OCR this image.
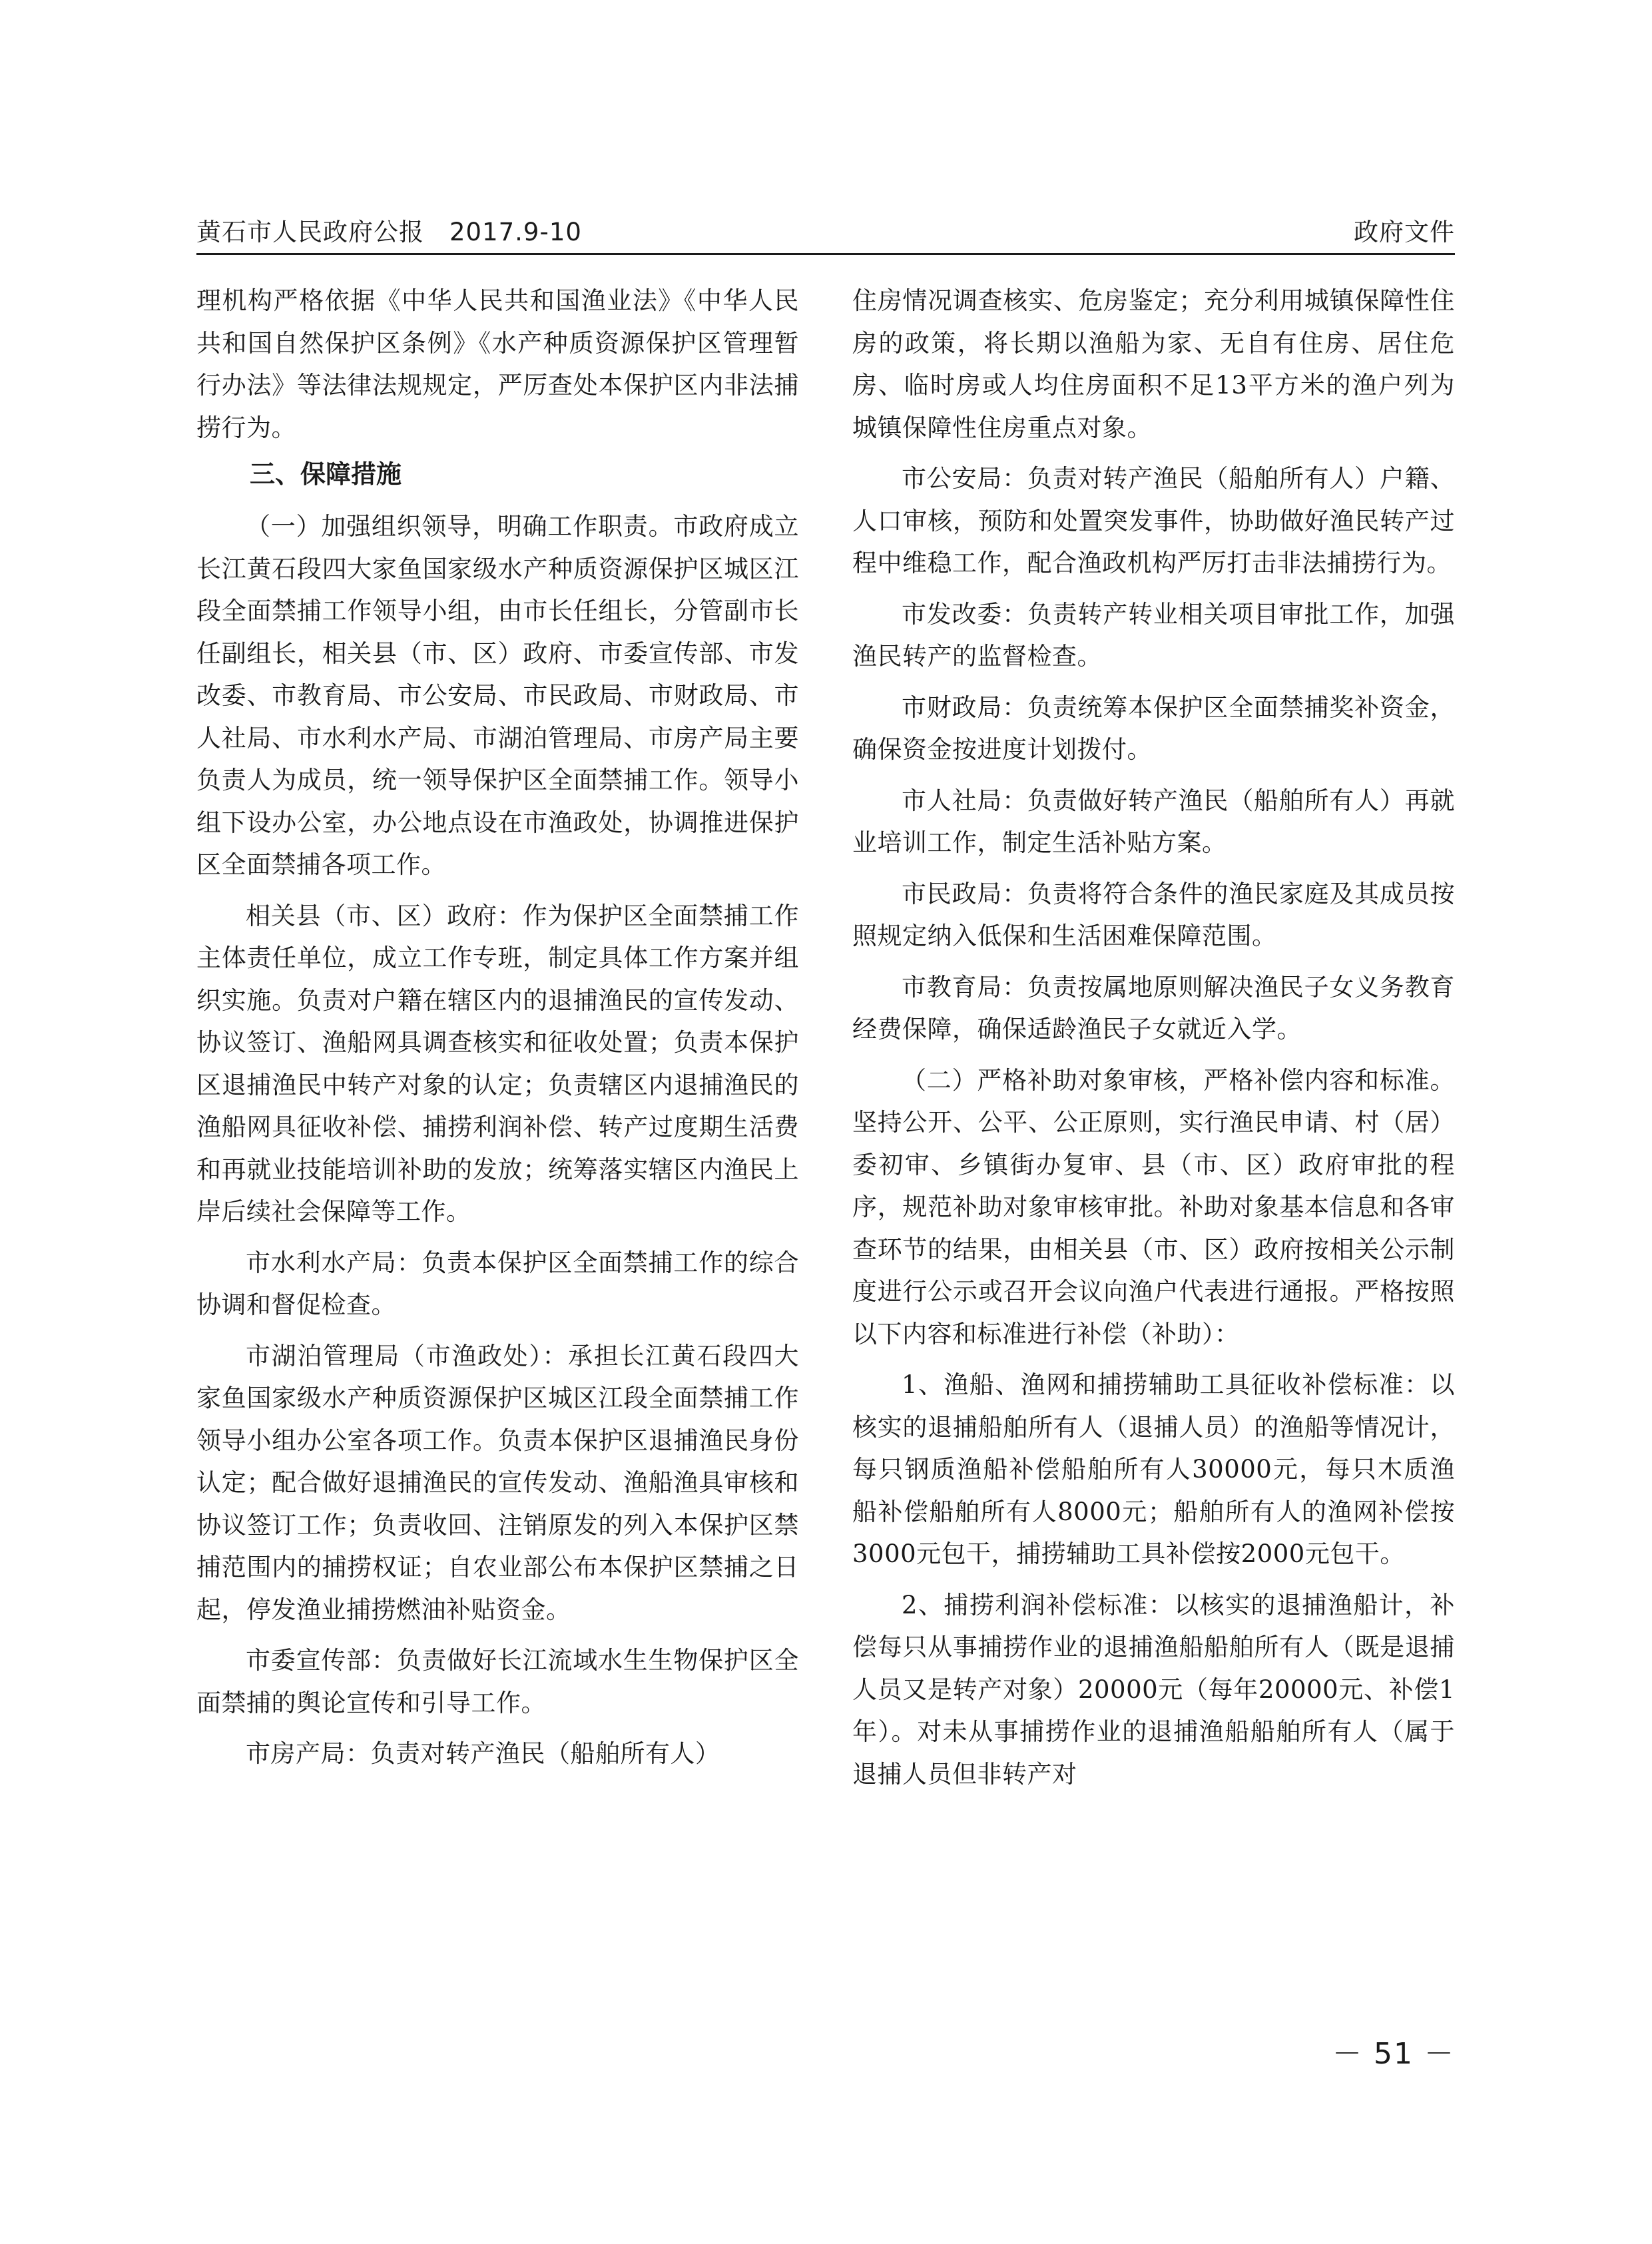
黄石市人民政府公报　2017.9-10	政府文件

理机构严格依据《中华人民共和国渔业法》《中华人民共和国自然保护区条例》《水产种质资源保护区管理暂行办法》等法律法规规定，严厉查处本保护区内非法捕捞行为。

三、保障措施

（一）加强组织领导，明确工作职责。市政府成立长江黄石段四大家鱼国家级水产种质资源保护区城区江段全面禁捕工作领导小组，由市长任组长，分管副市长任副组长，相关县（市、区）政府、市委宣传部、市发改委、市教育局、市公安局、市民政局、市财政局、市人社局、市水利水产局、市湖泊管理局、市房产局主要负责人为成员，统一领导保护区全面禁捕工作。领导小组下设办公室，办公地点设在市渔政处，协调推进保护区全面禁捕各项工作。

相关县（市、区）政府：作为保护区全面禁捕工作主体责任单位，成立工作专班，制定具体工作方案并组织实施。负责对户籍在辖区内的退捕渔民的宣传发动、协议签订、渔船网具调查核实和征收处置；负责本保护区退捕渔民中转产对象的认定；负责辖区内退捕渔民的渔船网具征收补偿、捕捞利润补偿、转产过度期生活费和再就业技能培训补助的发放；统筹落实辖区内渔民上岸后续社会保障等工作。

市水利水产局：负责本保护区全面禁捕工作的综合协调和督促检查。

市湖泊管理局（市渔政处）：承担长江黄石段四大家鱼国家级水产种质资源保护区城区江段全面禁捕工作领导小组办公室各项工作。负责本保护区退捕渔民身份认定；配合做好退捕渔民的宣传发动、渔船渔具审核和协议签订工作；负责收回、注销原发的列入本保护区禁捕范围内的捕捞权证；自农业部公布本保护区禁捕之日起，停发渔业捕捞燃油补贴资金。

市委宣传部：负责做好长江流域水生生物保护区全面禁捕的舆论宣传和引导工作。

市房产局：负责对转产渔民（船舶所有人）

住房情况调查核实、危房鉴定；充分利用城镇保障性住房的政策，将长期以渔船为家、无自有住房、居住危房、临时房或人均住房面积不足13平方米的渔户列为城镇保障性住房重点对象。

市公安局：负责对转产渔民（船舶所有人）户籍、人口审核，预防和处置突发事件，协助做好渔民转产过程中维稳工作，配合渔政机构严厉打击非法捕捞行为。

市发改委：负责转产转业相关项目审批工作，加强渔民转产的监督检查。

市财政局：负责统筹本保护区全面禁捕奖补资金，确保资金按进度计划拨付。

市人社局：负责做好转产渔民（船舶所有人）再就业培训工作，制定生活补贴方案。

市民政局：负责将符合条件的渔民家庭及其成员按照规定纳入低保和生活困难保障范围。

市教育局：负责按属地原则解决渔民子女义务教育经费保障，确保适龄渔民子女就近入学。

（二）严格补助对象审核，严格补偿内容和标准。坚持公开、公平、公正原则，实行渔民申请、村（居）委初审、乡镇街办复审、县（市、区）政府审批的程序，规范补助对象审核审批。补助对象基本信息和各审查环节的结果，由相关县（市、区）政府按相关公示制度进行公示或召开会议向渔户代表进行通报。严格按照以下内容和标准进行补偿（补助）：

1、渔船、渔网和捕捞辅助工具征收补偿标准：以核实的退捕船舶所有人（退捕人员）的渔船等情况计，每只钢质渔船补偿船舶所有人30000元，每只木质渔船补偿船舶所有人8000元；船舶所有人的渔网补偿按3000元包干，捕捞辅助工具补偿按2000元包干。

2、捕捞利润补偿标准：以核实的退捕渔船计，补偿每只从事捕捞作业的退捕渔船船舶所有人（既是退捕人员又是转产对象）20000元（每年20000元、补偿1年）。对未从事捕捞作业的退捕渔船船舶所有人（属于退捕人员但非转产对

－ 51 －
